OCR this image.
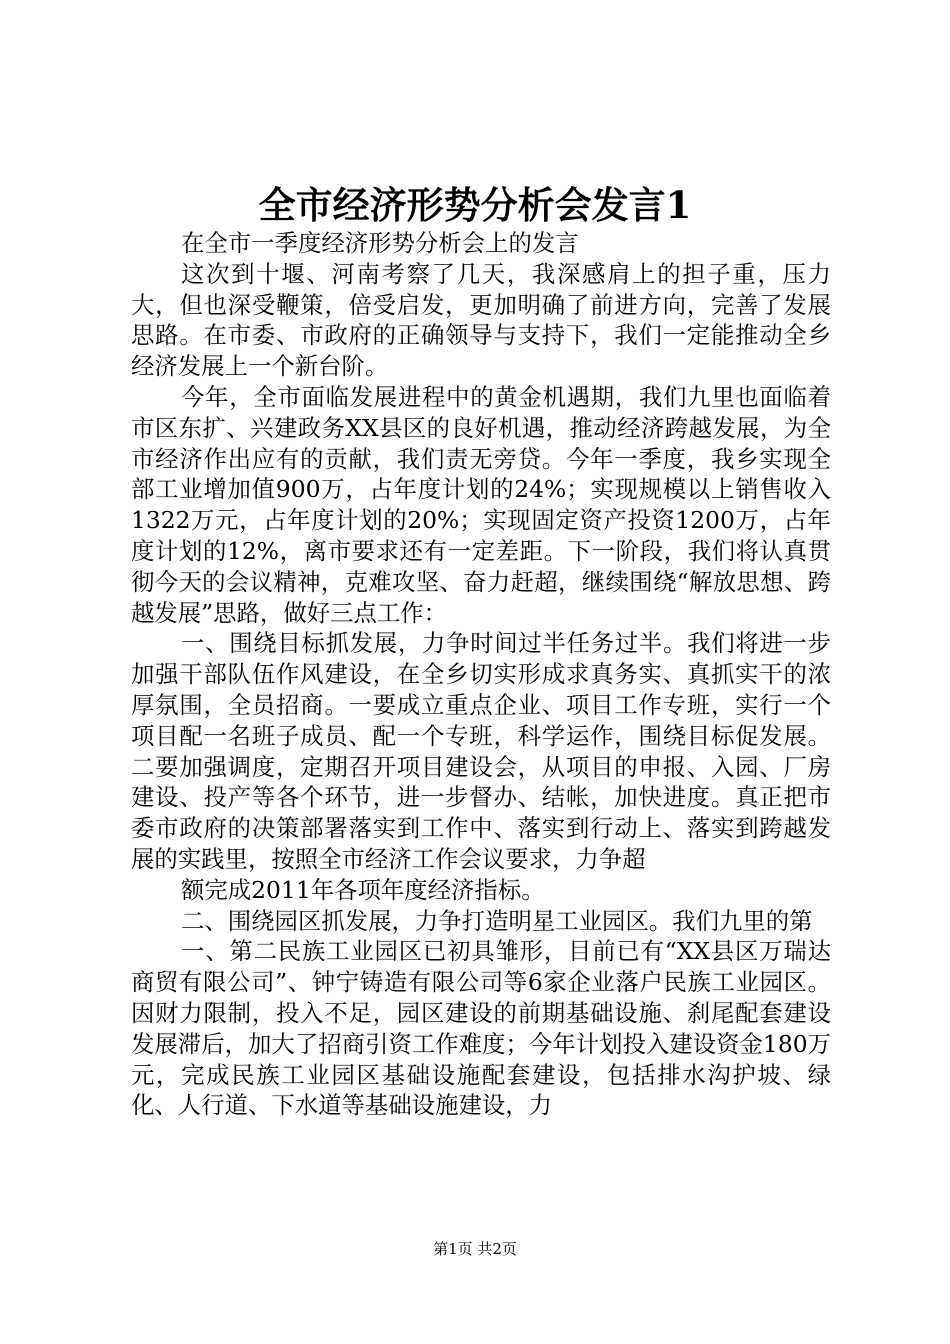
全市经济形势分析会发言1

在全市一季度经济形势分析会上的发言

这次到十堰、河南考察了几天，我深感肩上的担子重，压力大，但也深受鞭策，倍受启发，更加明确了前进方向，完善了发展思路。在市委、市政府的正确领导与支持下，我们一定能推动全乡经济发展上一个新台阶。

今年，全市面临发展进程中的黄金机遇期，我们九里也面临着市区东扩、兴建政务XX县区的良好机遇，推动经济跨越发展，为全市经济作出应有的贡献，我们责无旁贷。今年一季度，我乡实现全部工业增加值900万，占年度计划的24%；实现规模以上销售收入1322万元，占年度计划的20%；实现固定资产投资1200万，占年度计划的12%，离市要求还有一定差距。下一阶段，我们将认真贯彻今天的会议精神，克难攻坚、奋力赶超，继续围绕“解放思想、跨越发展”思路，做好三点工作：

一、围绕目标抓发展，力争时间过半任务过半。我们将进一步加强干部队伍作风建设，在全乡切实形成求真务实、真抓实干的浓厚氛围，全员招商。一要成立重点企业、项目工作专班，实行一个项目配一名班子成员、配一个专班，科学运作，围绕目标促发展。二要加强调度，定期召开项目建设会，从项目的申报、入园、厂房建设、投产等各个环节，进一步督办、结帐，加快进度。真正把市委市政府的决策部署落实到工作中、落实到行动上、落实到跨越发展的实践里，按照全市经济工作会议要求，力争超

额完成2011年各项年度经济指标。

二、围绕园区抓发展，力争打造明星工业园区。我们九里的第

一、第二民族工业园区已初具雏形，目前已有“XX县区万瑞达商贸有限公司”、钟宁铸造有限公司等6家企业落户民族工业园区。因财力限制，投入不足，园区建设的前期基础设施、刹尾配套建设发展滞后，加大了招商引资工作难度；今年计划投入建设资金180万元，完成民族工业园区基础设施配套建设，包括排水沟护坡、绿化、人行道、下水道等基础设施建设，力

第1页 共2页
